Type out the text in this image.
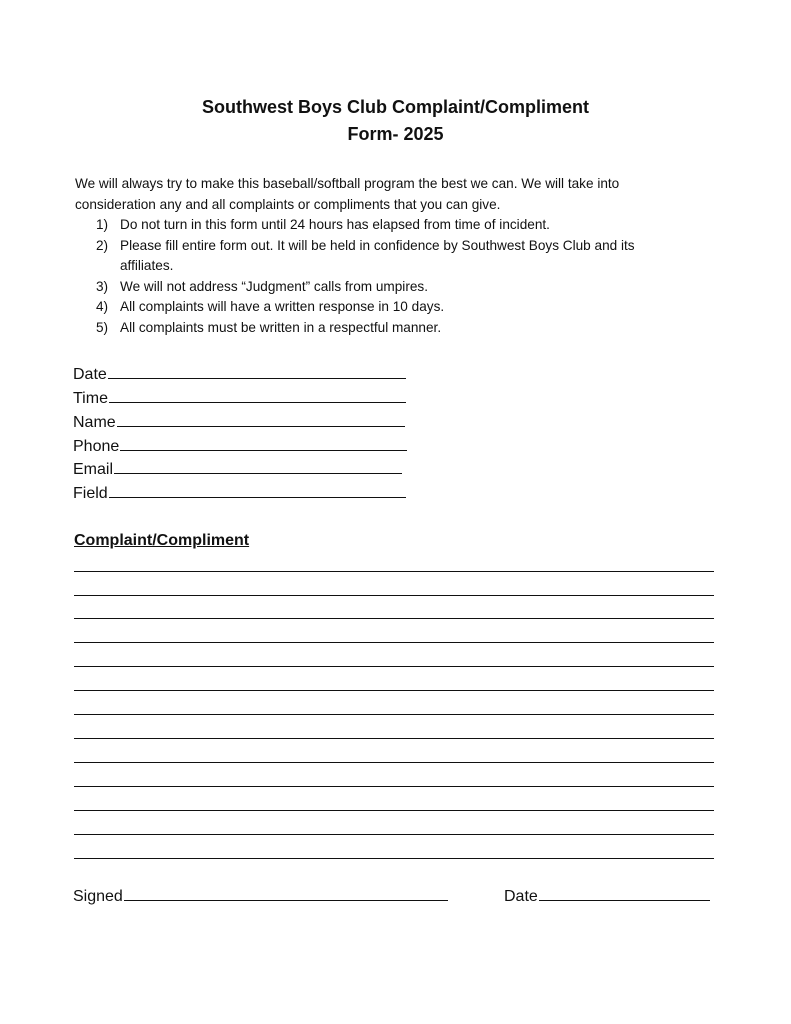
Southwest Boys Club Complaint/Compliment
Form- 2025
We will always try to make this baseball/softball program the best we can. We will take into consideration any and all complaints or compliments that you can give.
1) Do not turn in this form until 24 hours has elapsed from time of incident.
2) Please fill entire form out. It will be held in confidence by Southwest Boys Club and its affiliates.
3) We will not address “Judgment” calls from umpires.
4) All complaints will have a written response in 10 days.
5) All complaints must be written in a respectful manner.
Date
Time
Name
Phone
Email
Field
Complaint/Compliment
Signed	Date
